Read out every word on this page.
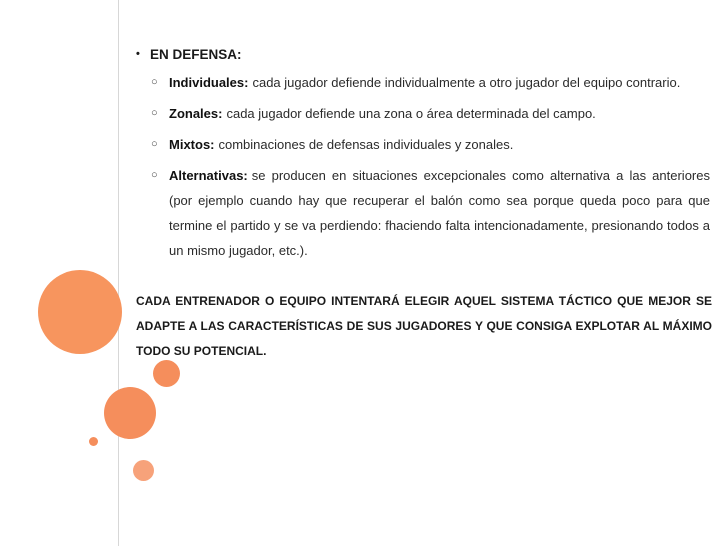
• EN DEFENSA:
○ Individuales: cada jugador defiende individualmente a otro jugador del equipo contrario.
○ Zonales: cada jugador defiende una zona o área determinada del campo.
○ Mixtos: combinaciones de defensas individuales y zonales.
○ Alternativas: se producen en situaciones excepcionales como alternativa a las anteriores (por ejemplo cuando hay que recuperar el balón como sea porque queda poco para que termine el partido y se va perdiendo: fhaciendo falta intencionadamente, presionando todos a un mismo jugador, etc.).
CADA ENTRENADOR O EQUIPO INTENTARÁ ELEGIR AQUEL SISTEMA TÁCTICO QUE MEJOR SE ADAPTE A LAS CARACTERÍSTICAS DE SUS JUGADORES Y QUE CONSIGA EXPLOTAR AL MÁXIMO TODO SU POTENCIAL.
